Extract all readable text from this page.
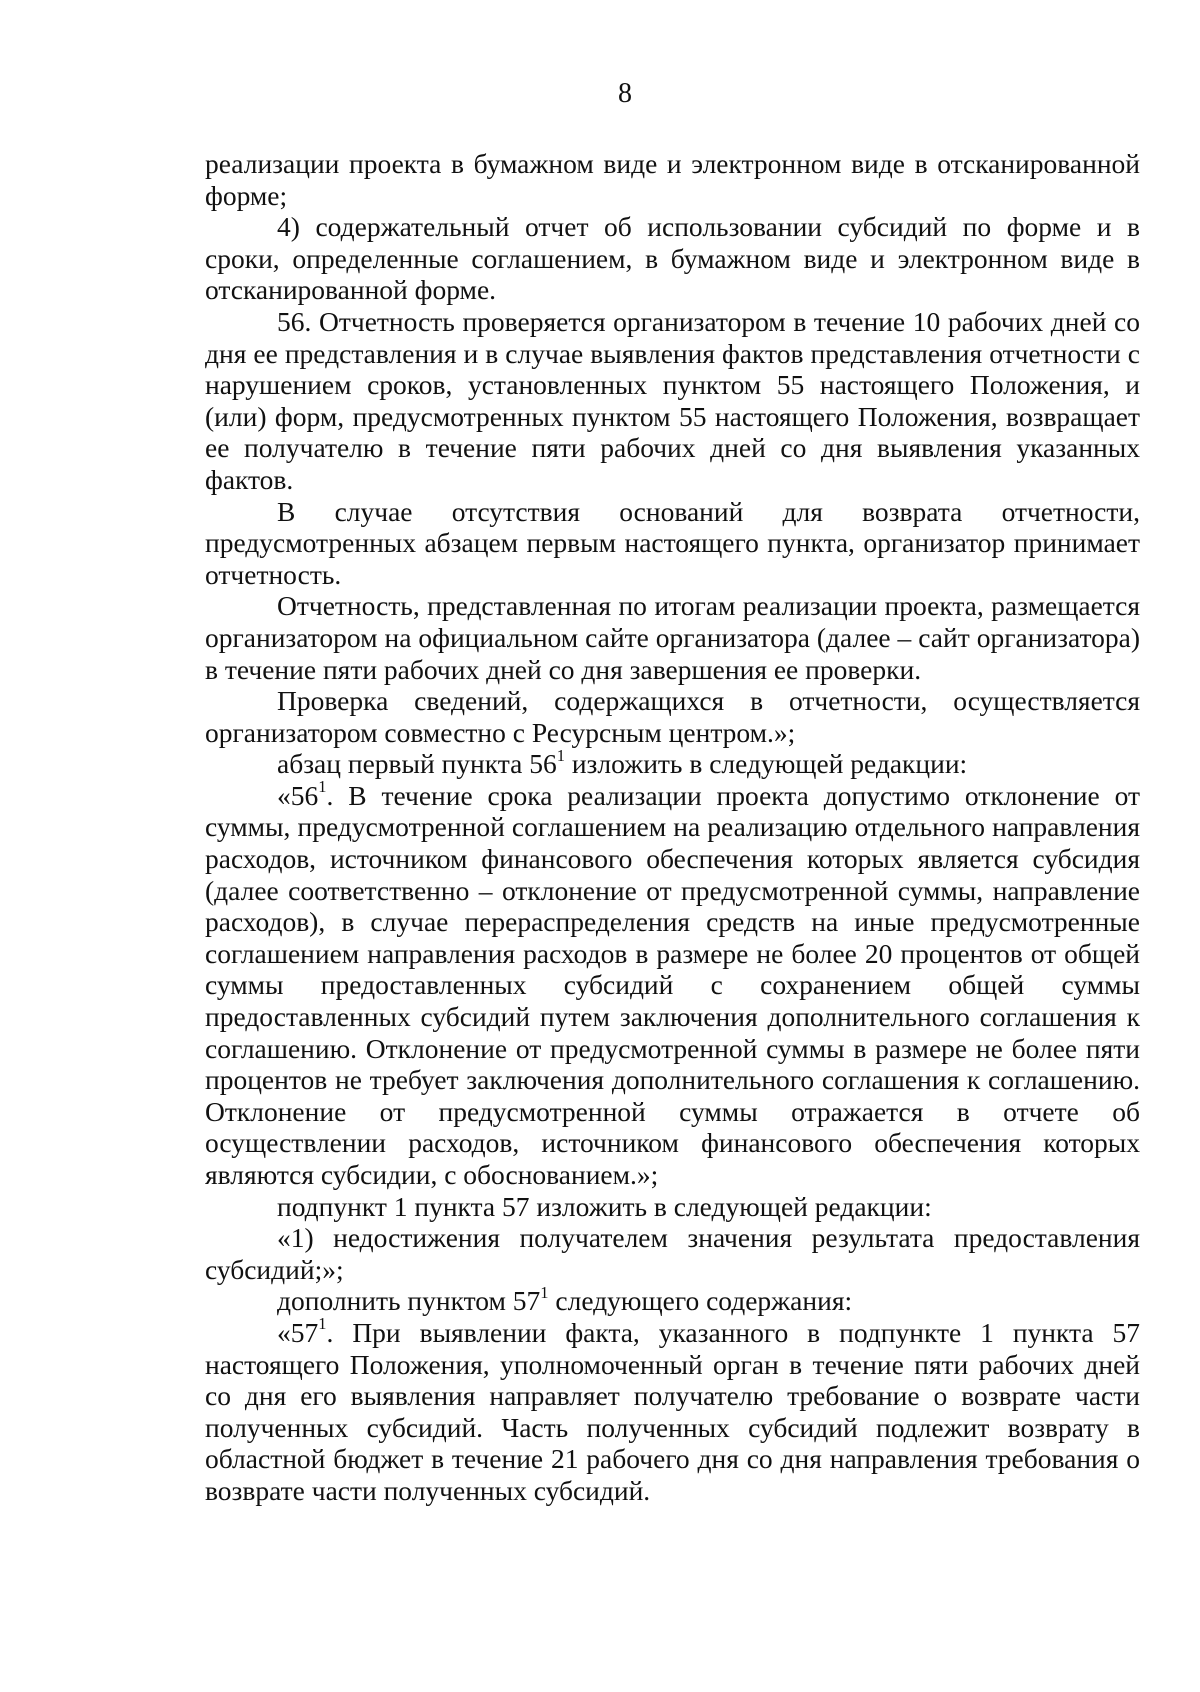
8

реализации проекта в бумажном виде и электронном виде в отсканированной форме;

4) содержательный отчет об использовании субсидий по форме и в сроки, определенные соглашением, в бумажном виде и электронном виде в отсканированной форме.

56. Отчетность проверяется организатором в течение 10 рабочих дней со дня ее представления и в случае выявления фактов представления отчетности с нарушением сроков, установленных пунктом 55 настоящего Положения, и (или) форм, предусмотренных пунктом 55 настоящего Положения, возвращает ее получателю в течение пяти рабочих дней со дня выявления указанных фактов.

В случае отсутствия оснований для возврата отчетности, предусмотренных абзацем первым настоящего пункта, организатор принимает отчетность.

Отчетность, представленная по итогам реализации проекта, размещается организатором на официальном сайте организатора (далее – сайт организатора) в течение пяти рабочих дней со дня завершения ее проверки.

Проверка сведений, содержащихся в отчетности, осуществляется организатором совместно с Ресурсным центром.»;

абзац первый пункта $56^1$ изложить в следующей редакции:

«$56^1$. В течение срока реализации проекта допустимо отклонение от суммы, предусмотренной соглашением на реализацию отдельного направления расходов, источником финансового обеспечения которых является субсидия (далее соответственно – отклонение от предусмотренной суммы, направление расходов), в случае перераспределения средств на иные предусмотренные соглашением направления расходов в размере не более 20 процентов от общей суммы предоставленных субсидий с сохранением общей суммы предоставленных субсидий путем заключения дополнительного соглашения к соглашению. Отклонение от предусмотренной суммы в размере не более пяти процентов не требует заключения дополнительного соглашения к соглашению. Отклонение от предусмотренной суммы отражается в отчете об осуществлении расходов, источником финансового обеспечения которых являются субсидии, с обоснованием.»;

подпункт 1 пункта 57 изложить в следующей редакции:

«1) недостижения получателем значения результата предоставления субсидий;»;

дополнить пунктом $57^1$ следующего содержания:

«$57^1$. При выявлении факта, указанного в подпункте 1 пункта 57 настоящего Положения, уполномоченный орган в течение пяти рабочих дней со дня его выявления направляет получателю требование о возврате части полученных субсидий. Часть полученных субсидий подлежит возврату в областной бюджет в течение 21 рабочего дня со дня направления требования о возврате части полученных субсидий.
